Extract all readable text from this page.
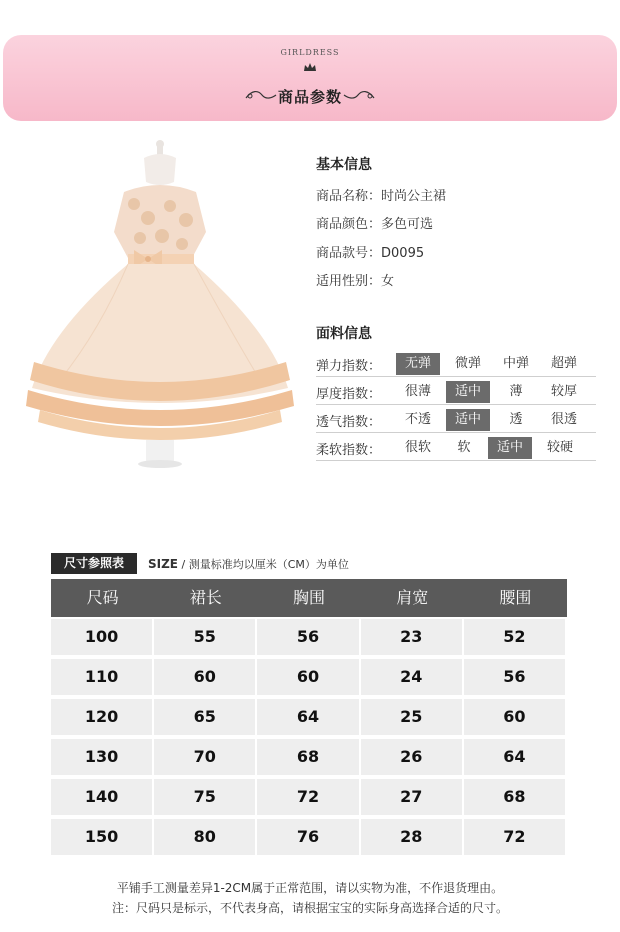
GIRLDRESS
商品参数
基本信息
商品名称：时尚公主裙
商品颜色：多色可选
商品款号：D0095
适用性别：女
面料信息
弹力指数：	无弹	微弹	中弹	超弹
厚度指数：	很薄	适中	薄	较厚
透气指数：	不透	适中	透	很透
柔软指数：	很软	软	适中	较硬
尺寸参照表	SIZE / 测量标准均以厘米（CM）为单位
尺码	裙长	胸围	肩宽	腰围
100	55	56	23	52
110	60	60	24	56
120	65	64	25	60
130	70	68	26	64
140	75	72	27	68
150	80	76	28	72
平铺手工测量差异1-2CM属于正常范围，请以实物为准，不作退货理由。
注：尺码只是标示，不代表身高，请根据宝宝的实际身高选择合适的尺寸。
